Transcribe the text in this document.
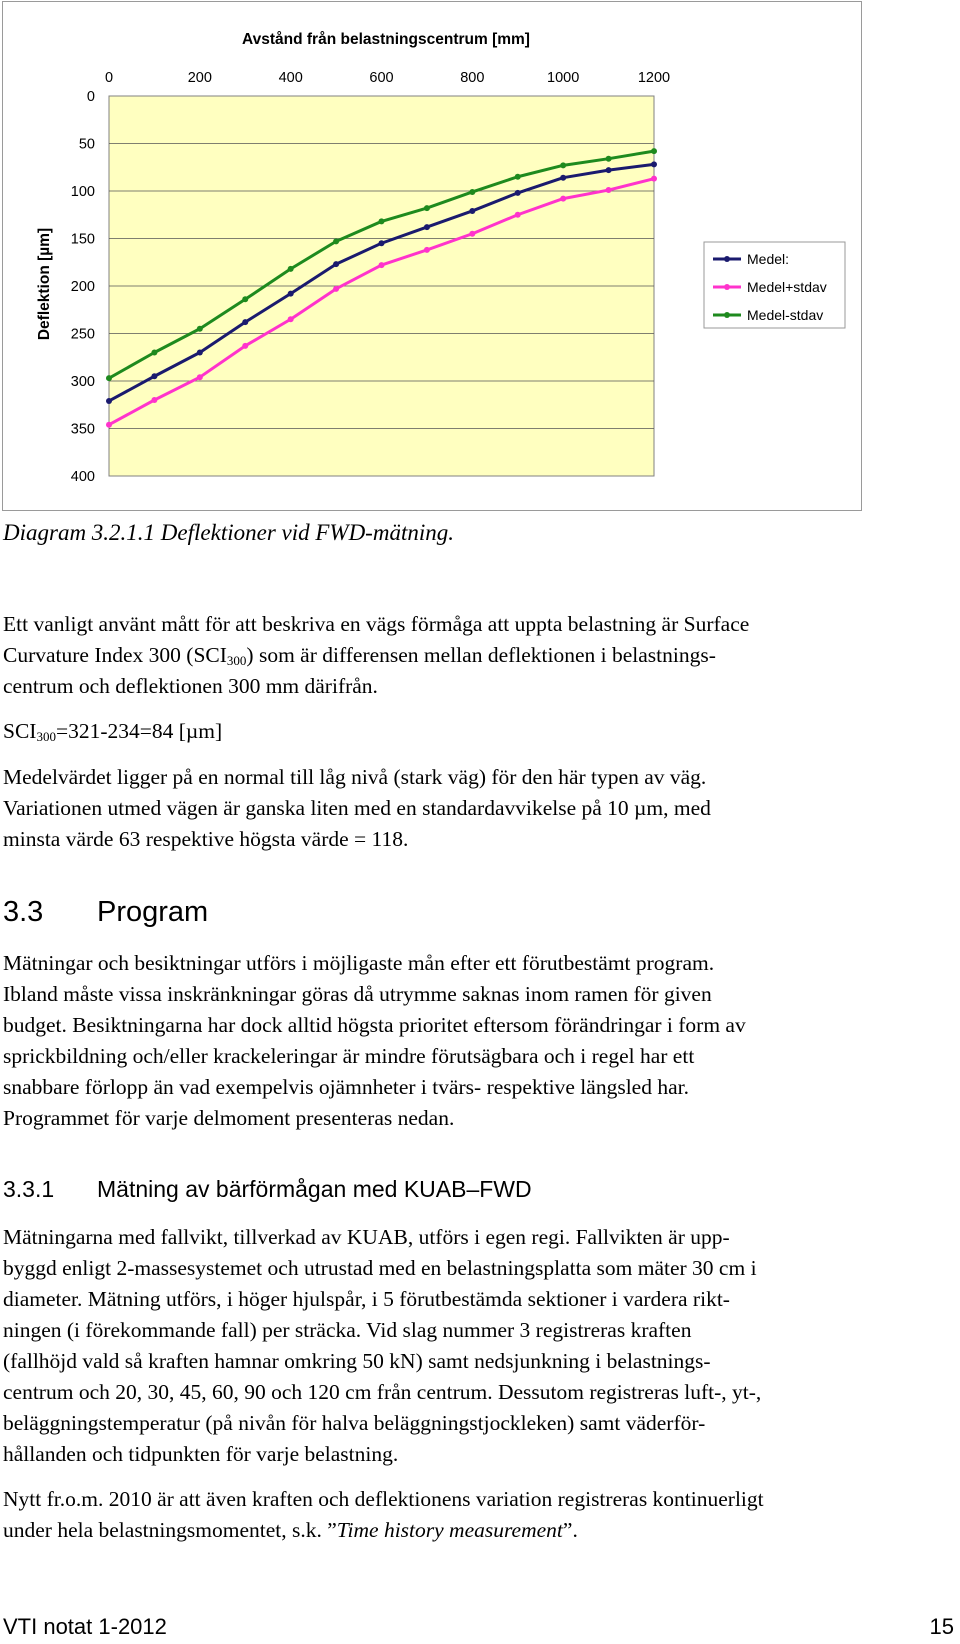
0
50
100
150
200
250
300
350
400
0	200	400	600	800	1000	1200
Avstånd från belastningscentrum [mm]
Deflektion [µm]	Medel:
Medel+stdav
Medel-stdav
Diagram 3.2.1.1 Deflektioner vid FWD-mätning.
Ett vanligt använt mått för att beskriva en vägs förmåga att uppta belastning är Surface
Curvature Index 300 $(SCI_{300})$ som är differensen mellan deflektionen i belastnings-
centrum och deflektionen 300 mm därifrån.
$SCI_{300}=321-234=84$ [µm]
Medelvärdet ligger på en normal till låg nivå (stark väg) för den här typen av väg.
Variationen utmed vägen är ganska liten med en standardavvikelse på 10 µm, med
minsta värde 63 respektive högsta värde = 118.
3.3 Program
Mätningar och besiktningar utförs i möjligaste mån efter ett förutbestämt program.
Ibland måste vissa inskränkningar göras då utrymme saknas inom ramen för given
budget. Besiktningarna har dock alltid högsta prioritet eftersom förändringar i form av
sprickbildning och/eller krackeleringar är mindre förutsägbara och i regel har ett
snabbare förlopp än vad exempelvis ojämnheter i tvärs- respektive längsled har.
Programmet för varje delmoment presenteras nedan.
3.3.1 Mätning av bärförmågan med KUAB–FWD
Mätningarna med fallvikt, tillverkad av KUAB, utförs i egen regi. Fallvikten är upp-
byggd enligt 2-massesystemet och utrustad med en belastningsplatta som mäter 30 cm i
diameter. Mätning utförs, i höger hjulspår, i 5 förutbestämda sektioner i vardera rikt-
ningen (i förekommande fall) per sträcka. Vid slag nummer 3 registreras kraften
(fallhöjd vald så kraften hamnar omkring 50 kN) samt nedsjunkning i belastnings-
centrum och 20, 30, 45, 60, 90 och 120 cm från centrum. Dessutom registreras luft-, yt-,
beläggningstemperatur (på nivån för halva beläggningstjockleken) samt väderför-
hållanden och tidpunkten för varje belastning.
Nytt fr.o.m. 2010 är att även kraften och deflektionens variation registreras kontinuerligt
under hela belastningsmomentet, s.k. ”Time history measurement”.
VTI notat 1-2012	15
